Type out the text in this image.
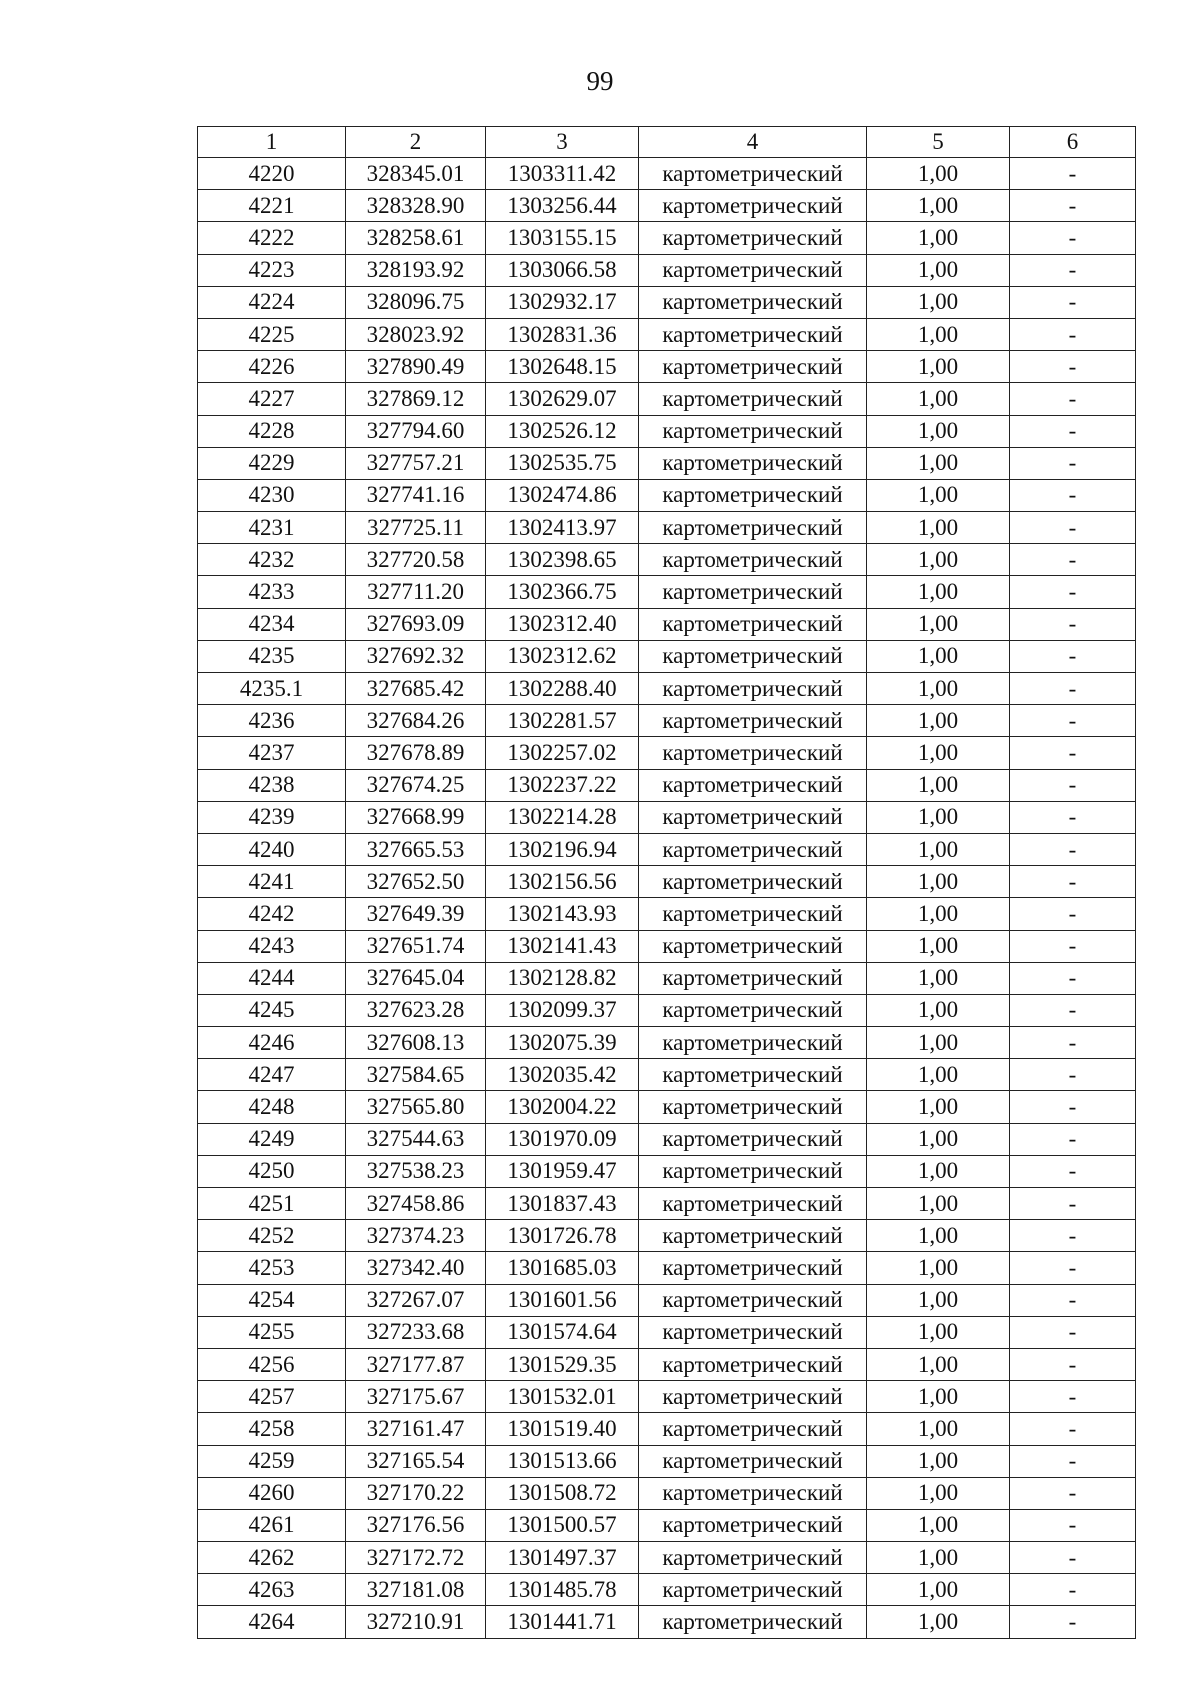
99
1	2	3	4	5	6
4220	328345.01	1303311.42	картометрический	1,00	-
4221	328328.90	1303256.44	картометрический	1,00	-
4222	328258.61	1303155.15	картометрический	1,00	-
4223	328193.92	1303066.58	картометрический	1,00	-
4224	328096.75	1302932.17	картометрический	1,00	-
4225	328023.92	1302831.36	картометрический	1,00	-
4226	327890.49	1302648.15	картометрический	1,00	-
4227	327869.12	1302629.07	картометрический	1,00	-
4228	327794.60	1302526.12	картометрический	1,00	-
4229	327757.21	1302535.75	картометрический	1,00	-
4230	327741.16	1302474.86	картометрический	1,00	-
4231	327725.11	1302413.97	картометрический	1,00	-
4232	327720.58	1302398.65	картометрический	1,00	-
4233	327711.20	1302366.75	картометрический	1,00	-
4234	327693.09	1302312.40	картометрический	1,00	-
4235	327692.32	1302312.62	картометрический	1,00	-
4235.1	327685.42	1302288.40	картометрический	1,00	-
4236	327684.26	1302281.57	картометрический	1,00	-
4237	327678.89	1302257.02	картометрический	1,00	-
4238	327674.25	1302237.22	картометрический	1,00	-
4239	327668.99	1302214.28	картометрический	1,00	-
4240	327665.53	1302196.94	картометрический	1,00	-
4241	327652.50	1302156.56	картометрический	1,00	-
4242	327649.39	1302143.93	картометрический	1,00	-
4243	327651.74	1302141.43	картометрический	1,00	-
4244	327645.04	1302128.82	картометрический	1,00	-
4245	327623.28	1302099.37	картометрический	1,00	-
4246	327608.13	1302075.39	картометрический	1,00	-
4247	327584.65	1302035.42	картометрический	1,00	-
4248	327565.80	1302004.22	картометрический	1,00	-
4249	327544.63	1301970.09	картометрический	1,00	-
4250	327538.23	1301959.47	картометрический	1,00	-
4251	327458.86	1301837.43	картометрический	1,00	-
4252	327374.23	1301726.78	картометрический	1,00	-
4253	327342.40	1301685.03	картометрический	1,00	-
4254	327267.07	1301601.56	картометрический	1,00	-
4255	327233.68	1301574.64	картометрический	1,00	-
4256	327177.87	1301529.35	картометрический	1,00	-
4257	327175.67	1301532.01	картометрический	1,00	-
4258	327161.47	1301519.40	картометрический	1,00	-
4259	327165.54	1301513.66	картометрический	1,00	-
4260	327170.22	1301508.72	картометрический	1,00	-
4261	327176.56	1301500.57	картометрический	1,00	-
4262	327172.72	1301497.37	картометрический	1,00	-
4263	327181.08	1301485.78	картометрический	1,00	-
4264	327210.91	1301441.71	картометрический	1,00	-
